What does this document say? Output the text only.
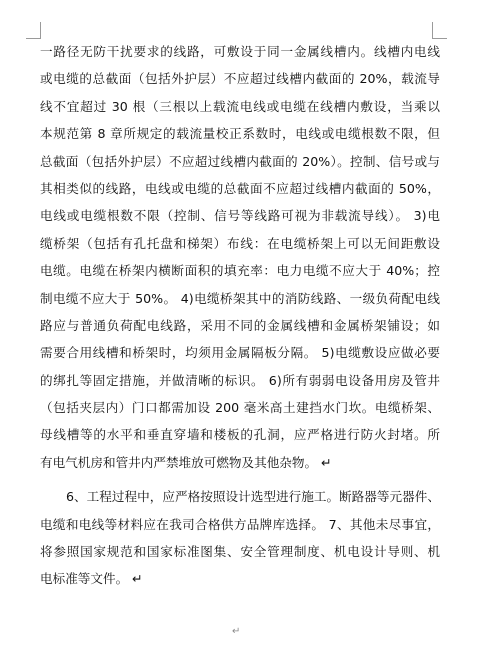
一路径无防干扰要求的线路，可敷设于同一金属线槽内。线槽内电线
或电缆的总截面（包括外护层）不应超过线槽内截面的 20%，载流导
线不宜超过 30 根（三根以上载流电线或电缆在线槽内敷设，当乘以
本规范第 8 章所规定的载流量校正系数时，电线或电缆根数不限，但
总截面（包括外护层）不应超过线槽内截面的 20%）。控制、信号或与
其相类似的线路，电线或电缆的总截面不应超过线槽内截面的 50%，
电线或电缆根数不限（控制、信号等线路可视为非载流导线）。 3)电
缆桥架（包括有孔托盘和梯架）布线：在电缆桥架上可以无间距敷设
电缆。电缆在桥架内横断面积的填充率：电力电缆不应大于 40%；控
制电缆不应大于 50%。 4)电缆桥架其中的消防线路、一级负荷配电线
路应与普通负荷配电线路，采用不同的金属线槽和金属桥架铺设；如
需要合用线槽和桥架时，均须用金属隔板分隔。 5)电缆敷设应做必要
的绑扎等固定措施，并做清晰的标识。 6)所有弱弱电设备用房及管井
（包括夹层内）门口都需加设 200 毫米高土建挡水门坎。电缆桥架、
母线槽等的水平和垂直穿墙和楼板的孔洞，应严格进行防火封堵。所
有电气机房和管井内严禁堆放可燃物及其他杂物。 ↵
6、工程过程中，应严格按照设计选型进行施工。断路器等元器件、
电缆和电线等材料应在我司合格供方品牌库选择。 7、其他未尽事宜，
将参照国家规范和国家标准图集、安全管理制度、机电设计导则、机
电标准等文件。 ↵
↵
